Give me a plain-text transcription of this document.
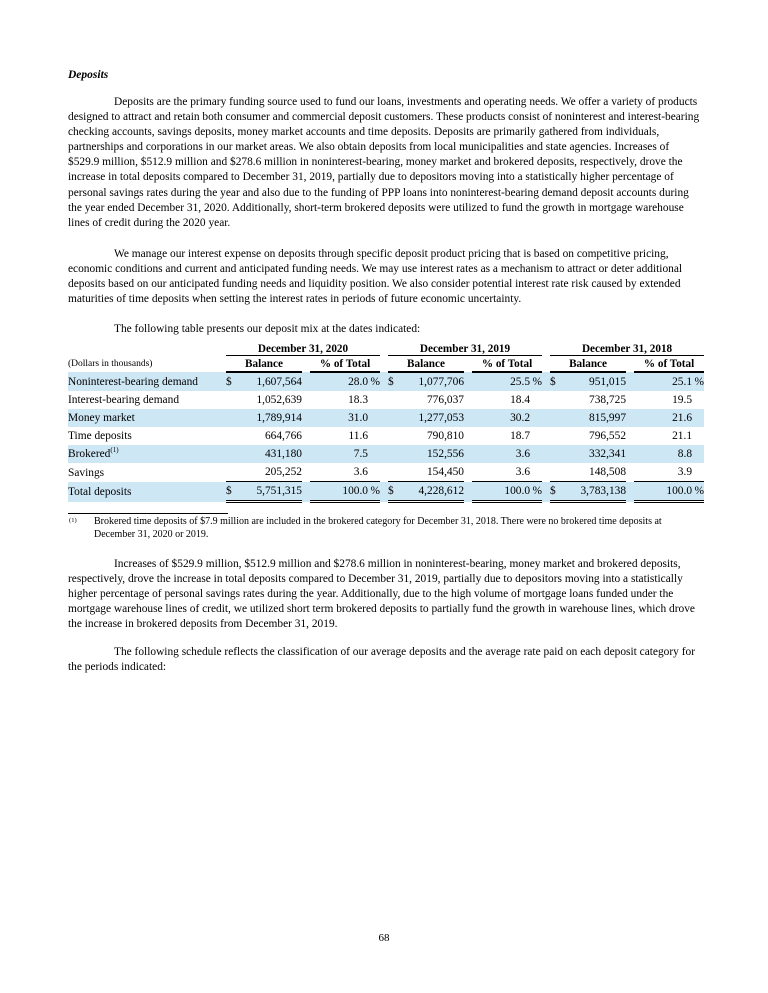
Deposits

Deposits are the primary funding source used to fund our loans, investments and operating needs. We offer a variety of products designed to attract and retain both consumer and commercial deposit customers. These products consist of noninterest and interest-bearing checking accounts, savings deposits, money market accounts and time deposits. Deposits are primarily gathered from individuals, partnerships and corporations in our market areas. We also obtain deposits from local municipalities and state agencies. Increases of $529.9 million, $512.9 million and $278.6 million in noninterest-bearing, money market and brokered deposits, respectively, drove the increase in total deposits compared to December 31, 2019, partially due to depositors moving into a statistically higher percentage of personal savings rates during the year and also due to the funding of PPP loans into noninterest-bearing demand deposit accounts during the year ended December 31, 2020. Additionally, short-term brokered deposits were utilized to fund the growth in mortgage warehouse lines of credit during the 2020 year.

We manage our interest expense on deposits through specific deposit product pricing that is based on competitive pricing, economic conditions and current and anticipated funding needs. We may use interest rates as a mechanism to attract or deter additional deposits based on our anticipated funding needs and liquidity position. We also consider potential interest rate risk caused by extended maturities of time deposits when setting the interest rates in periods of future economic uncertainty.

The following table presents our deposit mix at the dates indicated:

	December 31, 2020					December 31, 2019					December 31, 2018			
(Dollars in thousands)	Balance			% of Total		Balance			% of Total		Balance			% of Total
Noninterest-bearing demand	$	1,607,564		28.0 %		$	1,077,706		25.5 %		$	951,015		25.1 %
Interest-bearing demand		1,052,639		18.3			776,037		18.4			738,725		19.5
Money market		1,789,914		31.0			1,277,053		30.2			815,997		21.6
Time deposits		664,766		11.6			790,810		18.7			796,552		21.1
Brokered$^{(1)}$		431,180		7.5			152,556		3.6			332,341		8.8
Savings		205,252		3.6			154,450		3.6			148,508		3.9
Total deposits	$	5,751,315		100.0 %		$	4,228,612		100.0 %		$	3,783,138		100.0 %

(1) Brokered time deposits of $7.9 million are included in the brokered category for December 31, 2018. There were no brokered time deposits at December 31, 2020 or 2019.

Increases of $529.9 million, $512.9 million and $278.6 million in noninterest-bearing, money market and brokered deposits, respectively, drove the increase in total deposits compared to December 31, 2019, partially due to depositors moving into a statistically higher percentage of personal savings rates during the year. Additionally, due to the high volume of mortgage loans funded under the mortgage warehouse lines of credit, we utilized short term brokered deposits to partially fund the growth in warehouse lines, which drove the increase in brokered deposits from December 31, 2019.

The following schedule reflects the classification of our average deposits and the average rate paid on each deposit category for the periods indicated:

68
